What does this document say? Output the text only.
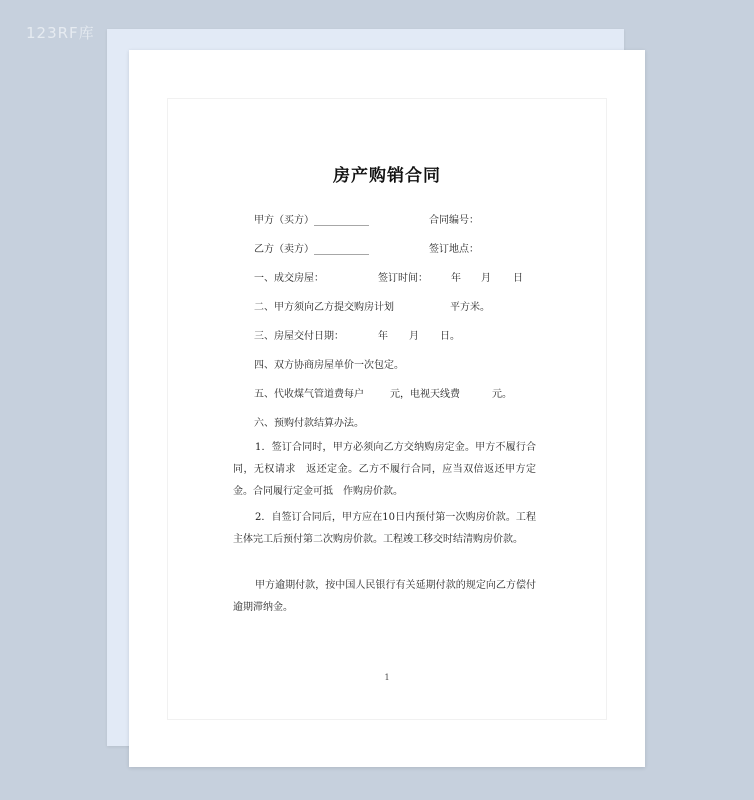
123RF库
房产购销合同
甲方（买方）___________	合同编号：
乙方（卖方）___________	签订地点：
一、成交房屋：	签订时间： 年 月 日
二、甲方须向乙方提交购房计划	平方米。
三、房屋交付日期：	年 月 日。
四、双方协商房屋单价一次包定。
五、代收煤气管道费每户	元，电视天线费	元。
六、预购付款结算办法。
1．签订合同时，甲方必须向乙方交纳购房定金。甲方不履行合同，无权请求　返还定金。乙方不履行合同，应当双倍返还甲方定金。合同履行定金可抵　作购房价款。
2．自签订合同后，甲方应在10日内预付第一次购房价款。工程主体完工后预付第二次购房价款。工程竣工移交时结清购房价款。
甲方逾期付款，按中国人民银行有关延期付款的规定向乙方偿付逾期滞纳金。
1
